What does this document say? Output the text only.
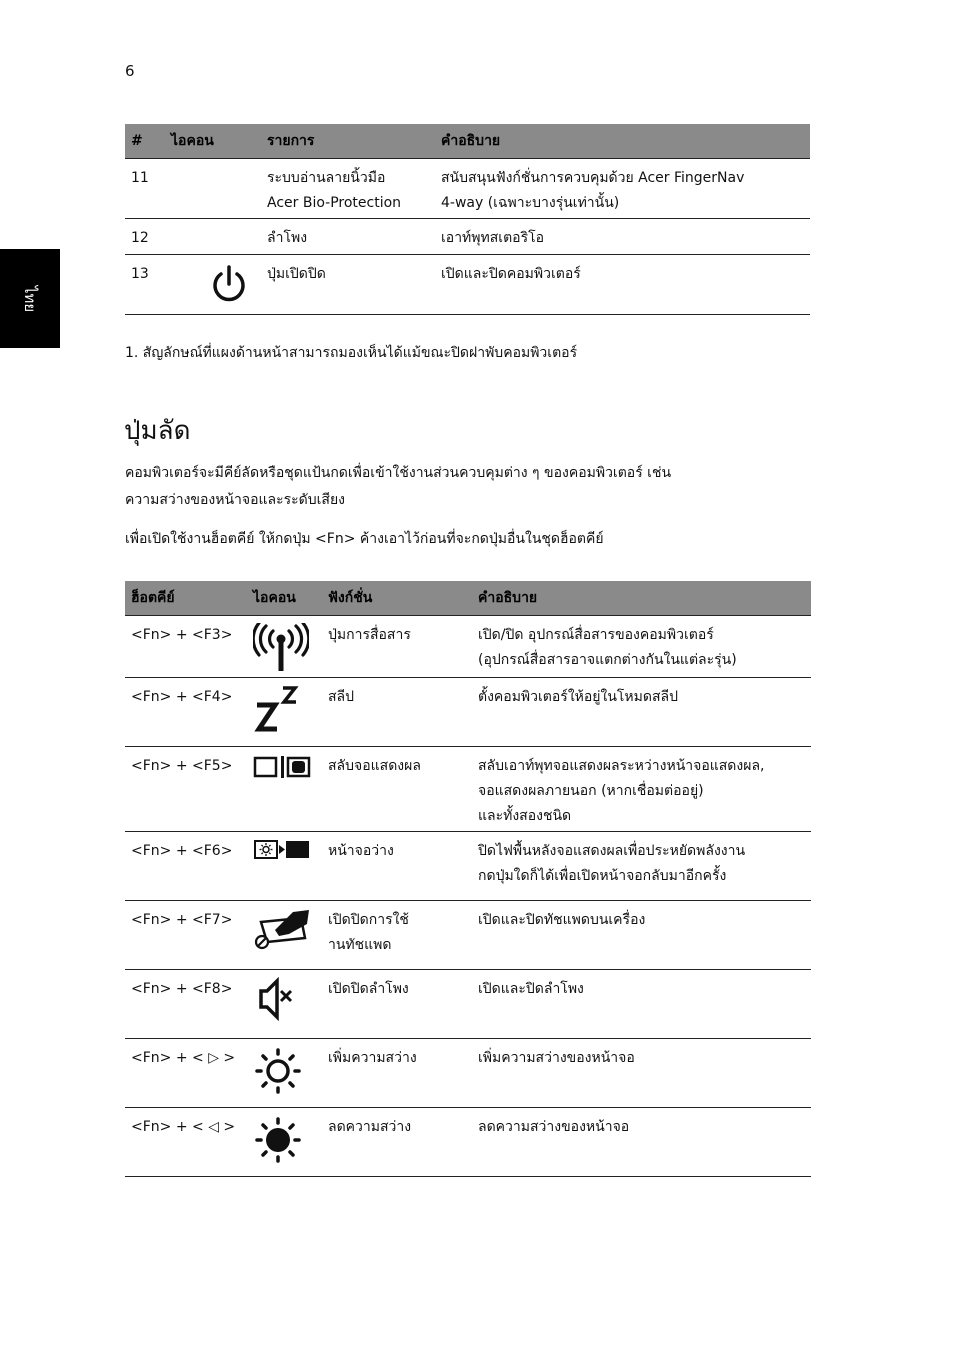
6
ไทย
#	ไอคอน	รายการ	คำอธิบาย
11		ระบบอ่านลายนิ้วมือ
Acer Bio-Protection	สนับสนุนฟังก์ชั่นการควบคุมด้วย Acer FingerNav
4-way (เฉพาะบางรุ่นเท่านั้น)

12		ลำโพง	เอาท์พุทสเตอริโอ

13		ปุ่มเปิดปิด	เปิดและปิดคอมพิวเตอร์
1. สัญลักษณ์ที่แผงด้านหน้าสามารถมองเห็นได้แม้ขณะปิดฝาพับคอมพิวเตอร์
ปุ่มลัด

คอมพิวเตอร์จะมีคีย์ลัดหรือชุดแป้นกดเพื่อเข้าใช้งานส่วนควบคุมต่าง ๆ ของคอมพิวเตอร์ เช่น
ความสว่างของหน้าจอและระดับเสียง

เพื่อเปิดใช้งานฮ็อตคีย์ ให้กดปุ่ม <Fn> ค้างเอาไว้ก่อนที่จะกดปุ่มอื่นในชุดฮ็อตคีย์

ฮ็อตคีย์	ไอคอน	ฟังก์ชั่น	คำอธิบาย
<Fn> + <F3>		ปุ่มการสื่อสาร	เปิด/ปิด อุปกรณ์สื่อสารของคอมพิวเตอร์
(อุปกรณ์สื่อสารอาจแตกต่างกันในแต่ละรุ่น)

<Fn> + <F4>		สลีป	ตั้งคอมพิวเตอร์ให้อยู่ในโหมดสลีป

<Fn> + <F5>		สลับจอแสดงผล	สลับเอาท์พุทจอแสดงผลระหว่างหน้าจอแสดงผล,
จอแสดงผลภายนอก (หากเชื่อมต่ออยู่)
และทั้งสองชนิด

<Fn> + <F6>		หน้าจอว่าง	ปิดไฟพื้นหลังจอแสดงผลเพื่อประหยัดพลังงาน
กดปุ่มใดก็ได้เพื่อเปิดหน้าจอกลับมาอีกครั้ง

<Fn> + <F7>		เปิดปิดการใช้
านทัชแพด	เปิดและปิดทัชแพดบนเครื่อง

<Fn> + <F8>		เปิดปิดลำโพง	เปิดและปิดลำโพง

<Fn> + < ▷ >		เพิ่มความสว่าง	เพิ่มความสว่างของหน้าจอ

<Fn> + < ◁ >		ลดความสว่าง	ลดความสว่างของหน้าจอ
